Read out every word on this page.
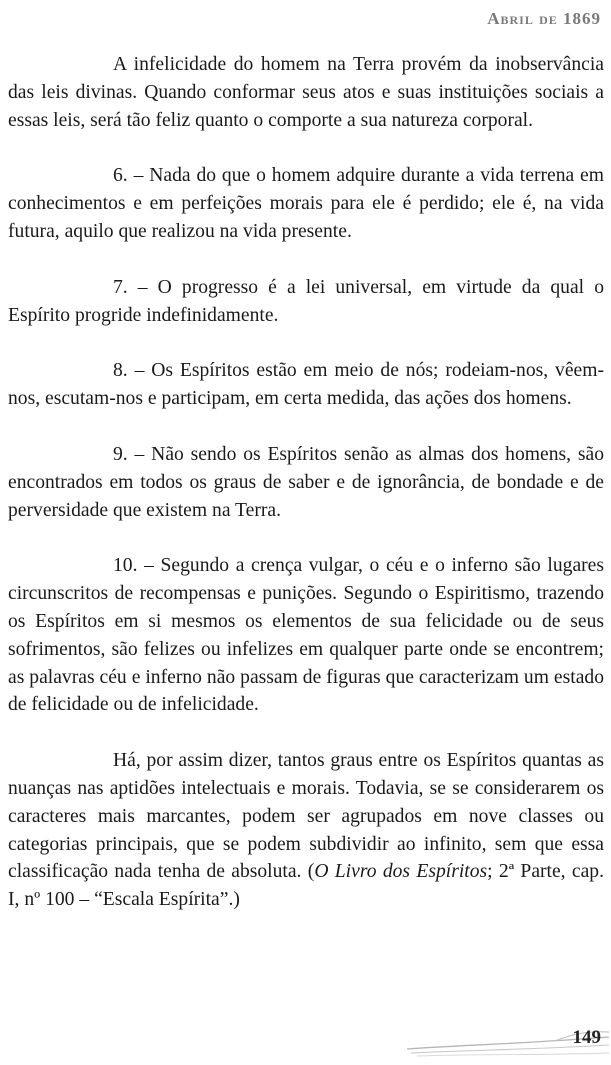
Abril de 1869

A infelicidade do homem na Terra provém da inobservância das leis divinas. Quando conformar seus atos e suas instituições sociais a essas leis, será tão feliz quanto o comporte a sua natureza corporal.

6. – Nada do que o homem adquire durante a vida terrena em conhecimentos e em perfeições morais para ele é perdido; ele é, na vida futura, aquilo que realizou na vida presente.

7. – O progresso é a lei universal, em virtude da qual o Espírito progride indefinidamente.

8. – Os Espíritos estão em meio de nós; rodeiam-nos, vêem-nos, escutam-nos e participam, em certa medida, das ações dos homens.

9. – Não sendo os Espíritos senão as almas dos homens, são encontrados em todos os graus de saber e de ignorância, de bondade e de perversidade que existem na Terra.

10. – Segundo a crença vulgar, o céu e o inferno são lugares circunscritos de recompensas e punições. Segundo o Espiritismo, trazendo os Espíritos em si mesmos os elementos de sua felicidade ou de seus sofrimentos, são felizes ou infelizes em qualquer parte onde se encontrem; as palavras céu e inferno não passam de figuras que caracterizam um estado de felicidade ou de infelicidade.

Há, por assim dizer, tantos graus entre os Espíritos quantas as nuanças nas aptidões intelectuais e morais. Todavia, se se considerarem os caracteres mais marcantes, podem ser agrupados em nove classes ou categorias principais, que se podem subdividir ao infinito, sem que essa classificação nada tenha de absoluta. (O Livro dos Espíritos; 2ª Parte, cap. I, nº 100 – “Escala Espírita”.)

149
